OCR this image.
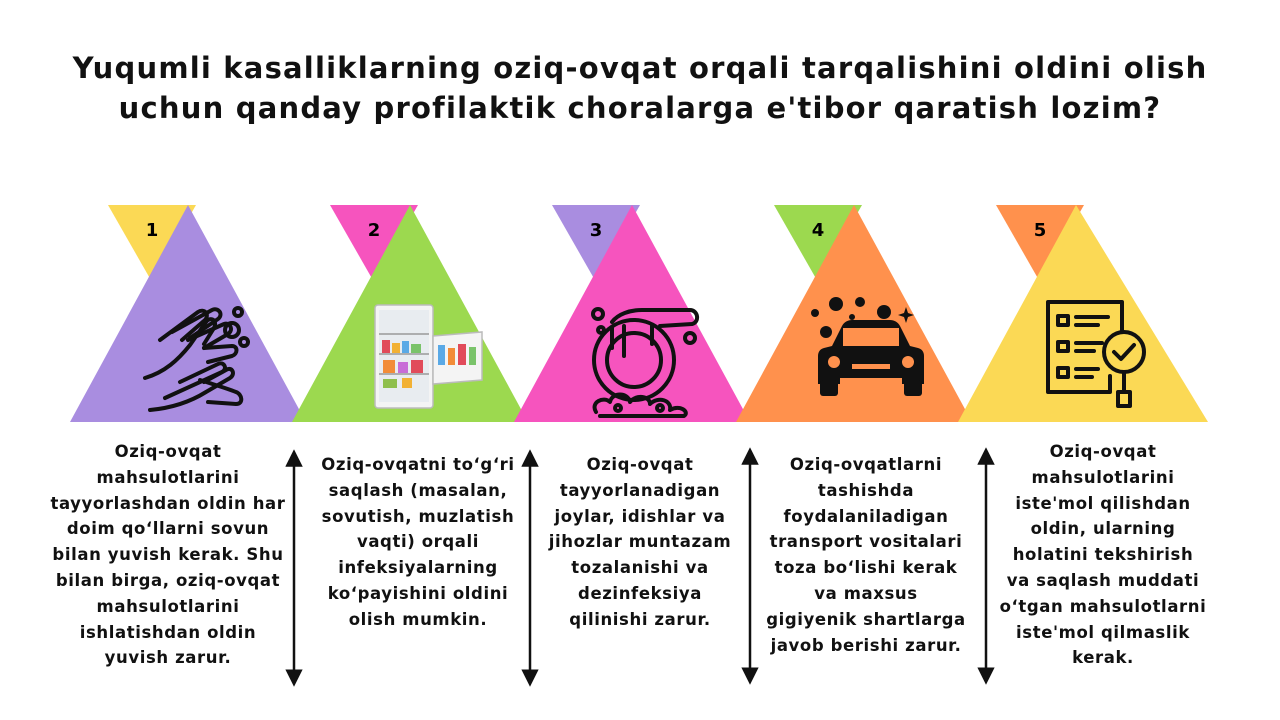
Yuqumli kasalliklarning oziq-ovqat orqali tarqalishini oldini olish
uchun qanday profilaktik choralarga e'tibor qaratish lozim?
1	2	3	4	5
Oziq-ovqat mahsulotlarini tayyorlashdan oldin har doim qo‘llarni sovun bilan yuvish kerak. Shu bilan birga, oziq-ovqat mahsulotlarini ishlatishdan oldin yuvish zarur.
Oziq-ovqatni to‘g‘ri saqlash (masalan, sovutish, muzlatish vaqti) orqali infeksiyalarning ko‘payishini oldini olish mumkin.
Oziq-ovqat tayyorlanadigan joylar, idishlar va jihozlar muntazam tozalanishi va dezinfeksiya qilinishi zarur.
Oziq-ovqatlarni tashishda foydalaniladigan transport vositalari toza bo‘lishi kerak va maxsus gigiyenik shartlarga javob berishi zarur.
Oziq-ovqat mahsulotlarini iste'mol qilishdan oldin, ularning holatini tekshirish va saqlash muddati o‘tgan mahsulotlarni iste'mol qilmaslik kerak.
